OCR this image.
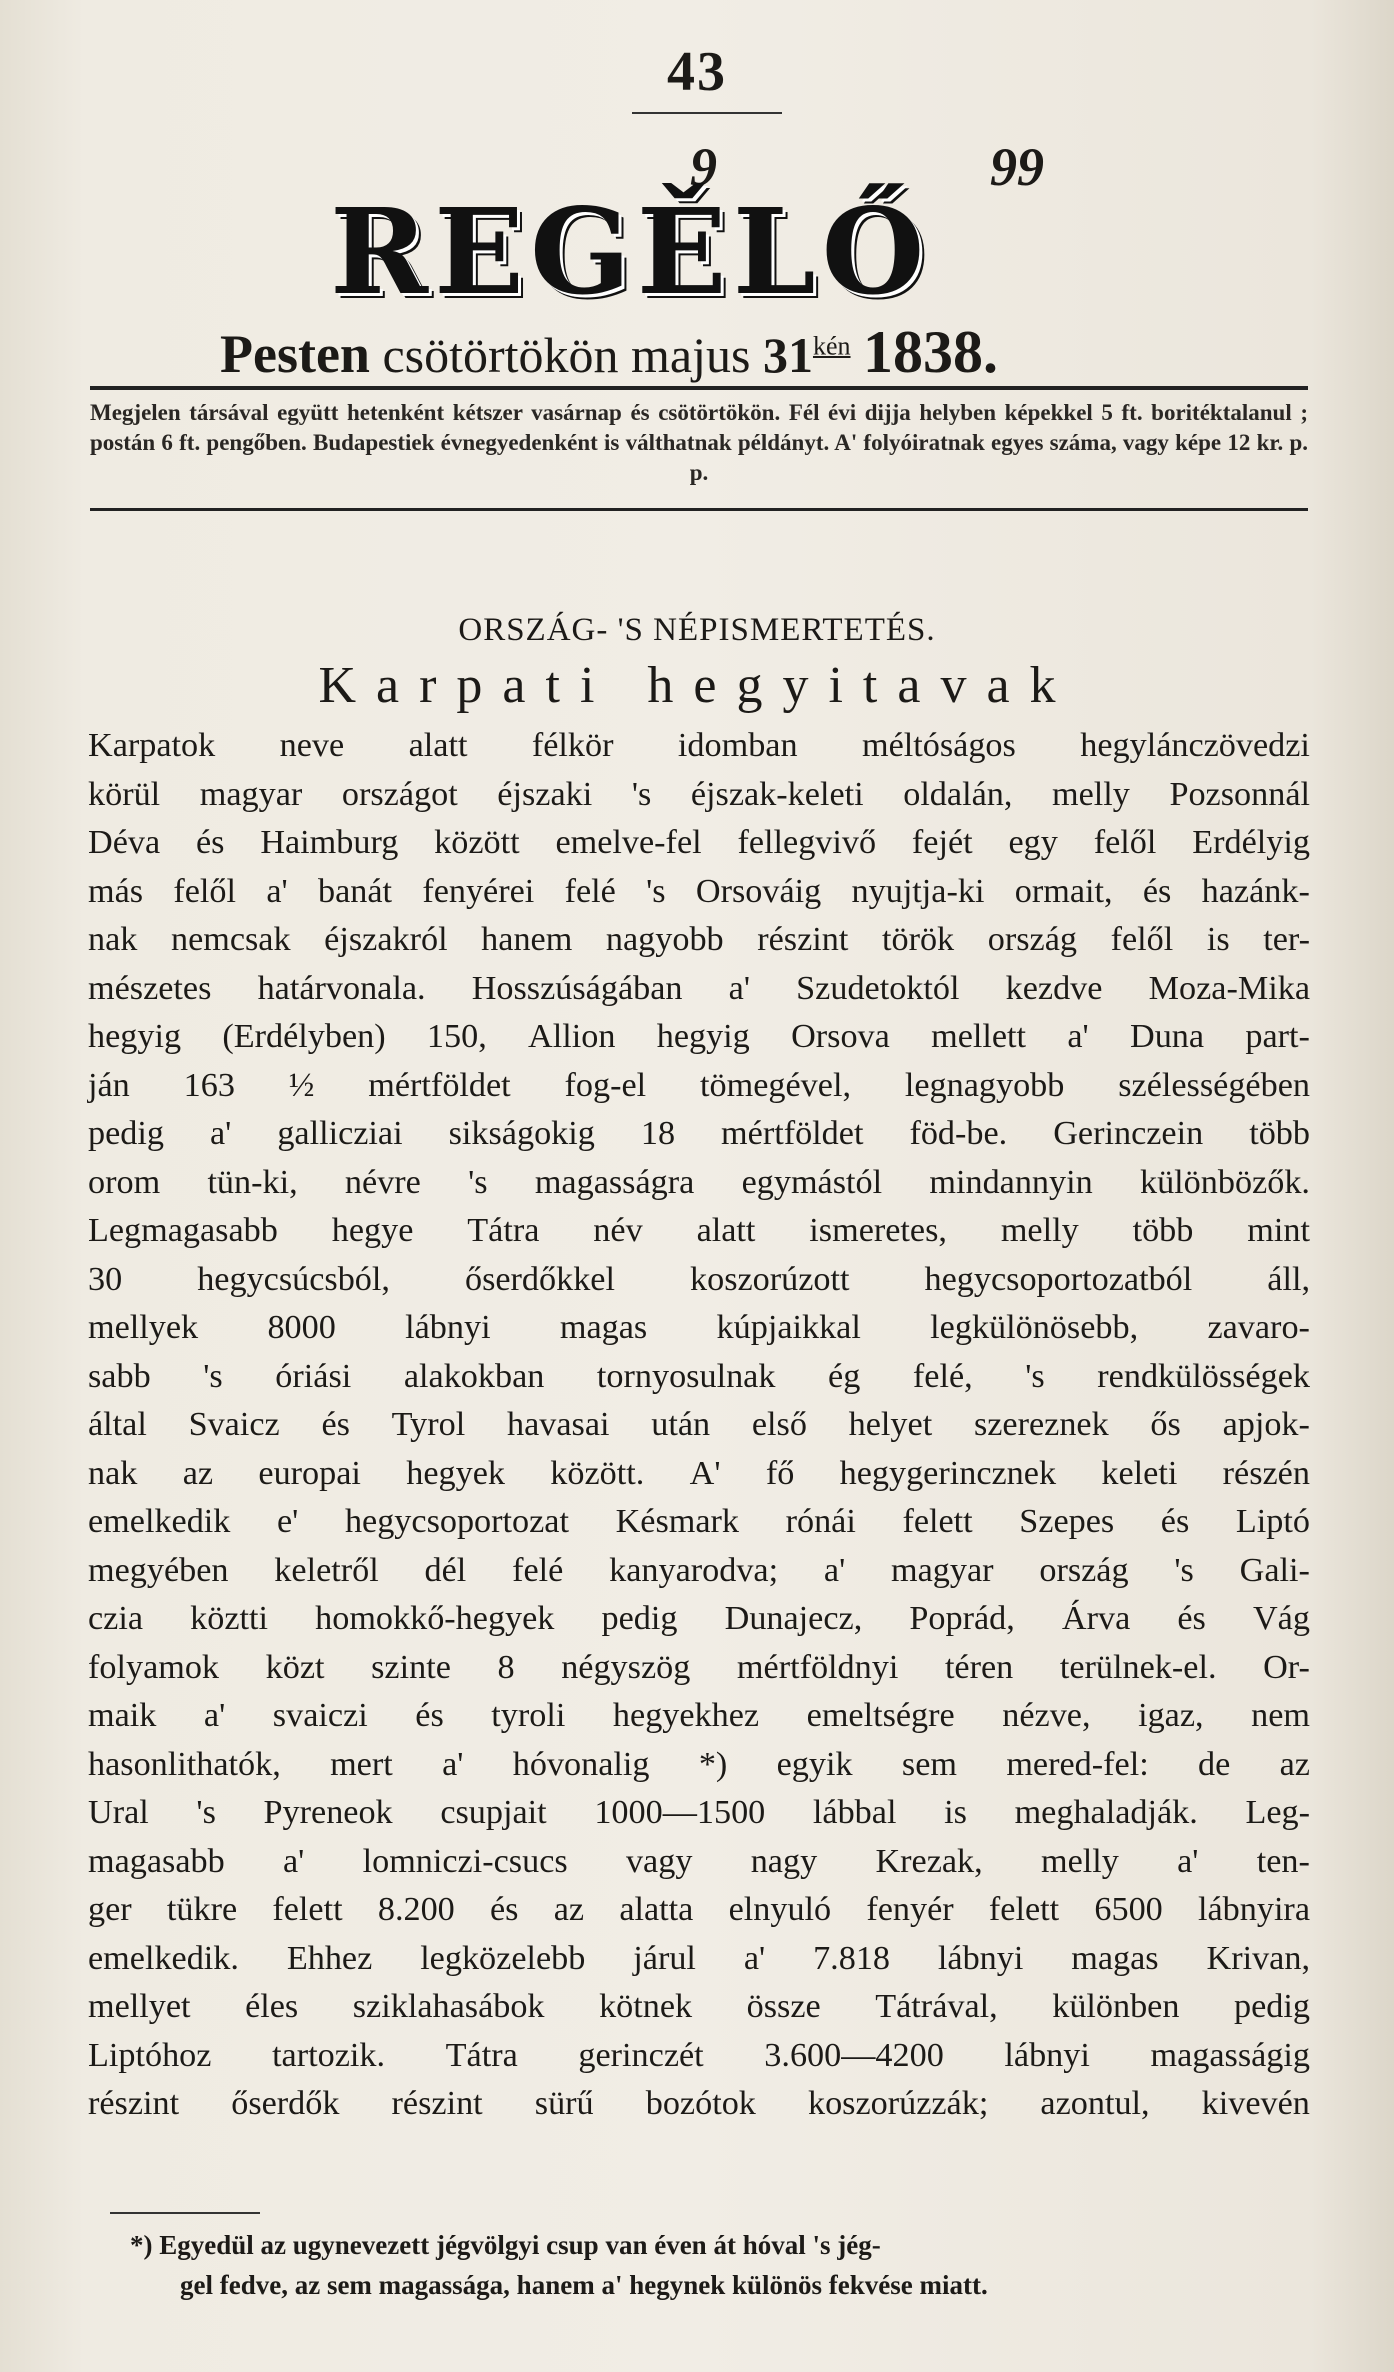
43
9	99
REGĚLŐ
Pesten csötörtökön majus $31^{kén}$ 1838.
Megjelen társával együtt hetenként kétszer vasárnap és csötörtökön. Fél évi dijja helyben képekkel 5 ft. boritéktalanul ; postán 6 ft. pengőben. Budapestiek évnegyedenként is válthatnak példányt. A' folyóiratnak egyes száma, vagy képe 12 kr. p. p.
ORSZÁG- 'S NÉPISMERTETÉS.
Karpati hegyitavak
Karpatok neve alatt félkör idomban méltóságos hegylánczövedzi
körül magyar országot éjszaki 's éjszak-keleti oldalán, melly Pozsonnál
Déva és Haimburg között emelve-fel fellegvivő fejét egy felől Erdélyig
más felől a' banát fenyérei felé 's Orsováig nyujtja-ki ormait, és hazánk-
nak nemcsak éjszakról hanem nagyobb részint török ország felől is ter-
mészetes határvonala. Hosszúságában a' Szudetoktól kezdve Moza-Mika
hegyig (Erdélyben) 150, Allion hegyig Orsova mellett a' Duna part-
ján 163 ½ mértföldet fog-el tömegével, legnagyobb szélességében
pedig a' gallicziai sikságokig 18 mértföldet föd-be. Gerinczein több
orom tün-ki, névre 's magasságra egymástól mindannyin különbözők.
Legmagasabb hegye Tátra név alatt ismeretes, melly több mint
30 hegycsúcsból, őserdőkkel koszorúzott hegycsoportozatból áll,
mellyek 8000 lábnyi magas kúpjaikkal legkülönösebb, zavaro-
sabb 's óriási alakokban tornyosulnak ég felé, 's rendkülösségek
által Svaicz és Tyrol havasai után első helyet szereznek ős apjok-
nak az europai hegyek között. A' fő hegygerincznek keleti részén
emelkedik e' hegycsoportozat Késmark rónái felett Szepes és Liptó
megyében keletről dél felé kanyarodva; a' magyar ország 's Gali-
czia köztti homokkő-hegyek pedig Dunajecz, Poprád, Árva és Vág
folyamok közt szinte 8 négyszög mértföldnyi téren terülnek-el. Or-
maik a' svaiczi és tyroli hegyekhez emeltségre nézve, igaz, nem
hasonlithatók, mert a' hóvonalig *) egyik sem mered-fel: de az
Ural 's Pyreneok csupjait 1000—1500 lábbal is meghaladják. Leg-
magasabb a' lomniczi-csucs vagy nagy Krezak, melly a' ten-
ger tükre felett 8.200 és az alatta elnyuló fenyér felett 6500 lábnyira
emelkedik. Ehhez legközelebb járul a' 7.818 lábnyi magas Krivan,
mellyet éles sziklahasábok kötnek össze Tátrával, különben pedig
Liptóhoz tartozik. Tátra gerinczét 3.600—4200 lábnyi magasságig
részint őserdők részint sürű bozótok koszorúzzák; azontul, kivevén
*) Egyedül az ugynevezett jégvölgyi csup van éven át hóval 's jég-
gel fedve, az sem magassága, hanem a' hegynek különös fekvése miatt.
